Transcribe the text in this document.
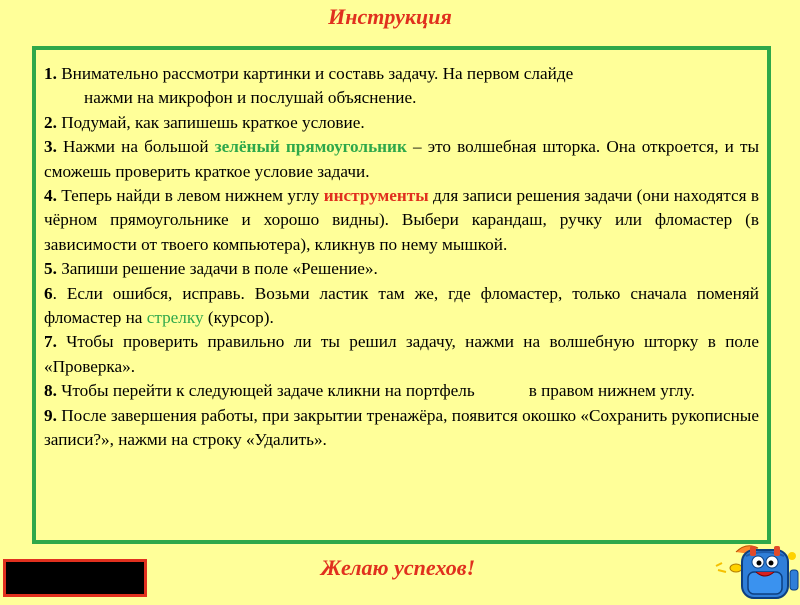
Инструкция

1. Внимательно рассмотри картинки и составь задачу. На первом слайде
нажми на микрофон и послушай объяснение.

2. Подумай, как запишешь краткое условие.

3. Нажми на большой зелёный прямоугольник – это волшебная шторка. Она откроется, и ты сможешь проверить краткое условие задачи.

4. Теперь найди в левом нижнем углу инструменты для записи решения задачи (они находятся в чёрном прямоугольнике и хорошо видны). Выбери карандаш, ручку или фломастер (в зависимости от твоего компьютера), кликнув по нему мышкой.

5. Запиши решение задачи в поле «Решение».

6. Если ошибся, исправь. Возьми ластик там же, где фломастер, только сначала поменяй фломастер на стрелку (курсор).

7. Чтобы проверить правильно ли ты решил задачу, нажми на волшебную шторку в поле «Проверка».

8. Чтобы перейти к следующей задаче кликни на портфель	в правом нижнем углу.

9. После завершения работы, при закрытии тренажёра, появится окошко «Сохранить рукописные записи?», нажми на строку «Удалить».

Желаю успехов!
